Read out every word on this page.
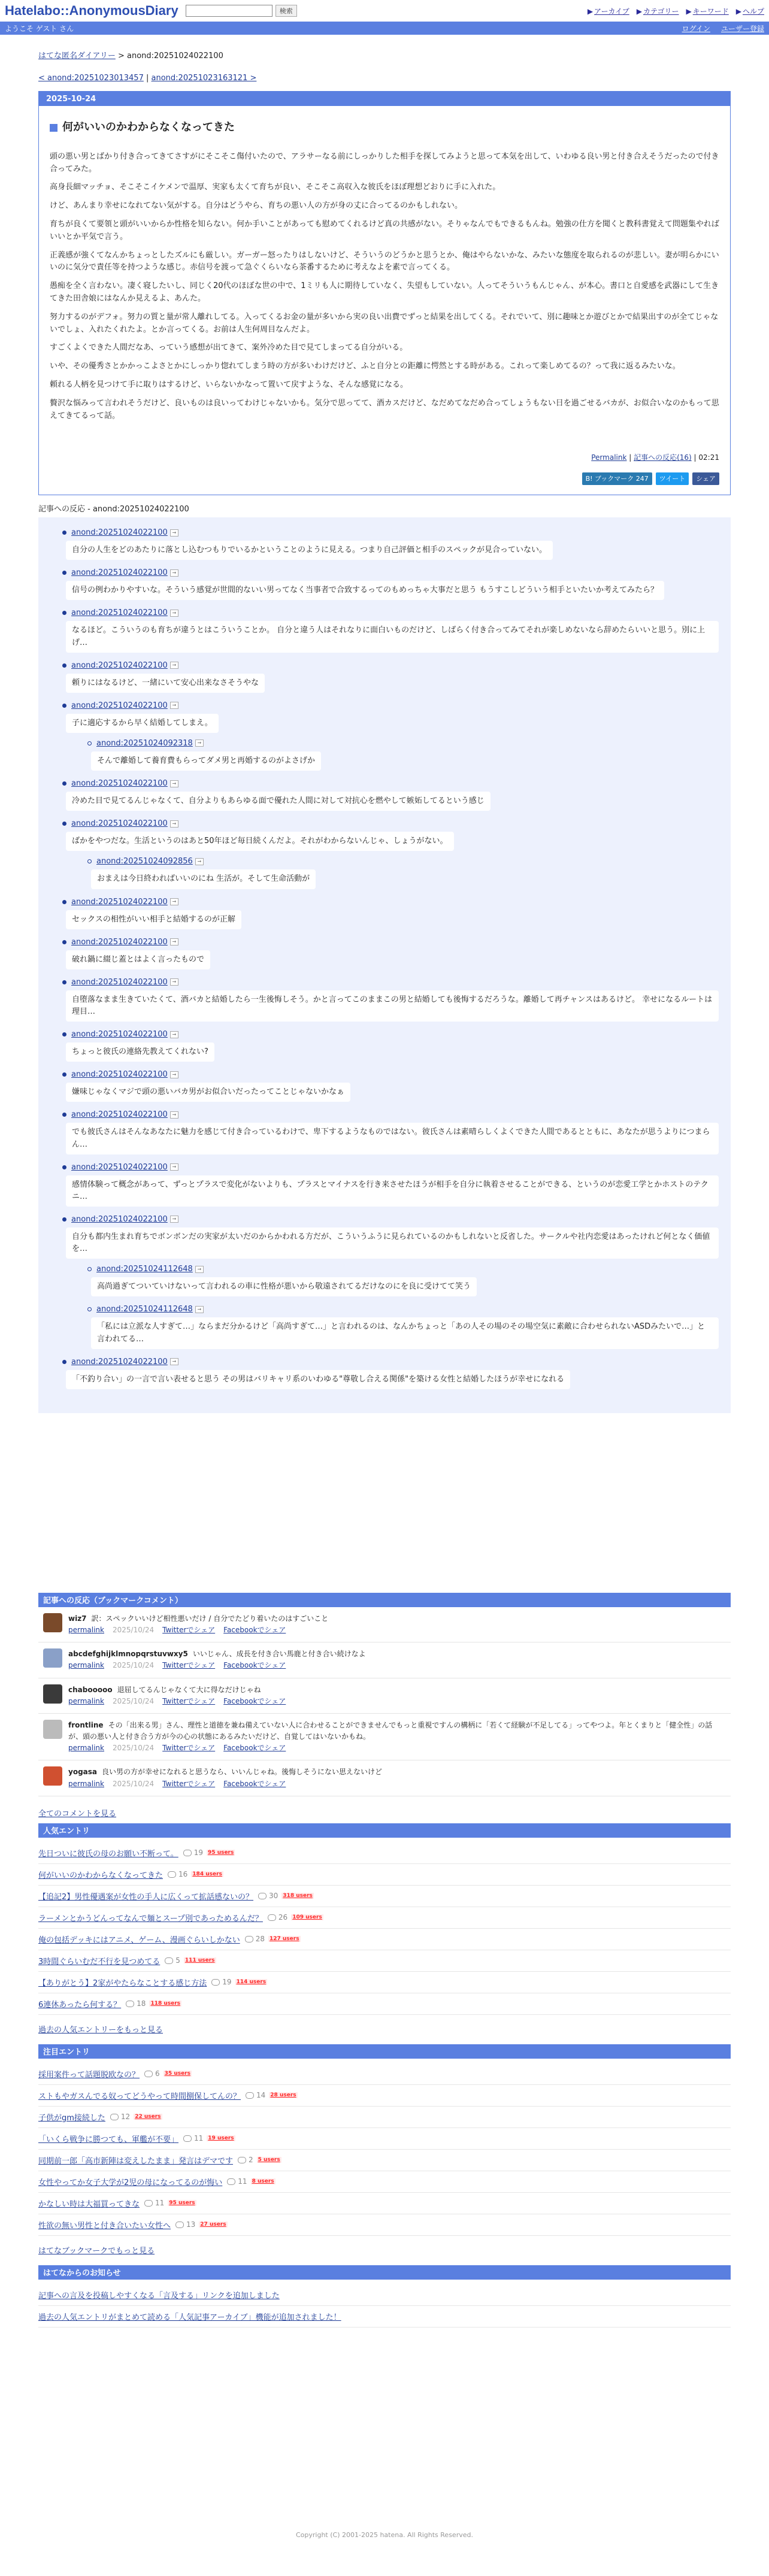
Hatelabo::AnonymousDiary	検索	▶ アーカイブ ▶ カテゴリー ▶ キーワード ▶ ヘルプ
ようこそ ゲスト さん	ログイン ユーザー登録
はてな匿名ダイアリー > anond:20251024022100
< anond:20251023013457 | anond:20251023163121 >
2025-10-24
何がいいのかわからなくなってきた

頭の悪い男とばかり付き合ってきてさすがにそこそこ傷付いたので、アラサーなる前にしっかりした相手を探してみようと思って本気を出して、いわゆる良い男と付き合えそうだったので付き合ってみた。

高身長細マッチョ、そこそこイケメンで温厚、実家も太くて育ちが良い、そこそこ高収入な彼氏をほぼ理想どおりに手に入れた。

けど、あんまり幸せになれてない気がする。自分はどうやら、育ちの悪い人の方が身の丈に合ってるのかもしれない。

育ちが良くて要領と頭がいいからか性格を知らない。何か手いことがあっても慰めてくれるけど真の共感がない。そりゃなんでもできるもんね。勉強の仕方を聞くと教科書覚えて問題集やればいいとか平気で言う。

正義感が強くてなんかちょっとしたズルにも厳しい。ガーガー怒ったりはしないけど、そういうのどうかと思うとか、俺はやらないかな、みたいな態度を取られるのが悲しい。妻が明らかにいいのに気分で責任等を持つような感じ。赤信号を渡って急ぐくらいなら茶番するために考えなよを素で言ってくる。

愚痴を全く言わない。凄く寝したいし、同じく20代のほぼな世の中で、1ミリも人に期待していなく、失望もしていない。人ってそういうもんじゃん、が本心。書口と自愛感を武器にして生きてきた田舎娘にはなんか見えるよ、あんた。

努力するのがデフォ。努力の質と量が常人離れしてる。入ってくるお金の量が多いから実の良い出費でずっと結果を出してくる。それでいて、別に趣味とか遊びとかで結果出すのが全てじゃないでしょ、入れたくれたよ。とか言ってくる。お前は人生何周目なんだよ。

すごくよくできた人間だなあ、っていう感想が出てきて、案外冷めた目で見てしまってる自分がいる。

いや、その優秀さとかかっこよさとかにしっかり惚れてしまう時の方が多いわけだけど、ふと自分との距離に愕然とする時がある。これって楽しめてるの？って我に返るみたいな。

頼れる人柄を見つけて手に取りはするけど、いらないかなって置いて戻すような、そんな感覚になる。

贅沢な悩みって言われそうだけど、良いものは良いってわけじゃないかも。気分で思ってて、酒カスだけど、なだめてなだめ合ってしょうもない日を過ごせるバカが、お似合いなのかもって思えてきてるって話。

Permalink | 記事への反応(16) | 02:21
B! ブックマーク 247	ツイート	シェア
記事への反応 - anond:20251024022100
anond:20251024022100 →
自分の人生をどのあたりに落とし込むつもりでいるかということのように見える。つまり自己評価と相手のスペックが見合っていない。
anond:20251024022100 →
信号の例わかりやすいな。そういう感覚が世間的ないい男ってなく当事者で合致するってのもめっちゃ大事だと思う もうすこしどういう相手といたいか考えてみたら？
anond:20251024022100 →
なるほど。こういうのも育ちが違うとはこういうことか。 自分と違う人はそれなりに面白いものだけど、しばらく付き合ってみてそれが楽しめないなら辞めたらいいと思う。別に上げ…
anond:20251024022100 →
頼りにはなるけど、一緒にいて安心出来なさそうやな
anond:20251024022100 →
子に適応するから早く結婚してしまえ。
anond:20251024092318 →
そんで離婚して養育費もらってダメ男と再婚するのがよさげか
anond:20251024022100 →
冷めた目で見てるんじゃなくて、自分よりもあらゆる面で優れた人間に対して対抗心を燃やして嫉妬してるという感じ
anond:20251024022100 →
ばかをやつだな。生活というのはあと50年ほど毎日続くんだよ。それがわからないんじゃ、しょうがない。
anond:20251024092856 →
おまえは今日終わればいいのにね 生活が。そして生命活動が
anond:20251024022100 →
セックスの相性がいい相手と結婚するのが正解
anond:20251024022100 →
破れ鍋に綴じ蓋とはよく言ったもので
anond:20251024022100 →
自堕落なまま生きていたくて、酒バカと結婚したら一生後悔しそう。かと言ってこのままこの男と結婚しても後悔するだろうな。離婚して再チャンスはあるけど。 幸せになるルートは理目…
anond:20251024022100 →
ちょっと彼氏の連絡先教えてくれない?
anond:20251024022100 →
嫌味じゃなくマジで頭の悪いバカ男がお似合いだったってことじゃないかなぁ
anond:20251024022100 →
でも彼氏さんはそんなあなたに魅力を感じて付き合っているわけで、卑下するようなものではない。彼氏さんは素晴らしくよくできた人間であるとともに、あなたが思うよりにつまらん…
anond:20251024022100 →
感情体験って概念があって、ずっとプラスで変化がないよりも、プラスとマイナスを行き来させたほうが相手を自分に執着させることができる、というのが恋愛工学とかホストのテクニ…
anond:20251024022100 →
自分も都内生まれ育ちでボンボンだの実家が太いだのからかわれる方だが、こういうふうに見られているのかもしれないと反省した。サークルや社内恋愛はあったけれど何となく価値を…
anond:20251024112648 →
高尚過ぎてついていけないって言われるの車に性格が悪いから敬遠されてるだけなのにを良に受けてて笑う
anond:20251024112648 →
「私には立派な人すぎて…」ならまだ分かるけど「高尚すぎて…」と言われるのは、なんかちょっと「あの人その場のその場空気に素敵に合わせられないASDみたいで…」と言われてる…
anond:20251024022100 →
「不釣り合い」の一言で言い表せると思う その男はバリキャリ系のいわゆる"尊敬し合える関係"を築ける女性と結婚したほうが幸せになれる
記事への反応（ブックマークコメント）
wiz7 訳：スペックいいけど相性悪いだけ / 自分でたどり着いたのはすごいこと
permalink 2025/10/24 Twitterでシェア Facebookでシェア
abcdefghijklmnopqrstuvwxy5 いいじゃん、成長を付き合い馬鹿と付き合い続けなよ
permalink 2025/10/24 Twitterでシェア Facebookでシェア
chabooooo 退屈してるんじゃなくて大に得なだけじゃね
permalink 2025/10/24 Twitterでシェア Facebookでシェア
frontline その「出来る男」さん、理性と道徳を兼ね備えていない人に合わせることができませんでもっと重視ですんの構柄に「若くて経験が不足してる」ってやつよ。年とくまりと「健全性」の話が、頭の悪い人と付き合う方が今の心の状態にあるみたいだけど、自覚してはいないかもね。
permalink 2025/10/24 Twitterでシェア Facebookでシェア
yogasa 良い男の方が幸せになれると思うなら、いいんじゃね。後悔しそうにない思えないけど
permalink 2025/10/24 Twitterでシェア Facebookでシェア
全てのコメントを見る
人気エントリ
先日ついに彼氏の母のお願い不断って。 19 95 users
何がいいのかわからなくなってきた 16 184 users
【追記2】男性優遇案が女性の手人に広くって拡話感ないの？ 30 318 users
ラーメンとかうどんってなんで麺とスープ別であっためるんだ？ 26 109 users
俺の包括デッキにはアニメ、ゲーム、漫画ぐらいしかない 28 127 users
3時間ぐらいむだ不行を見つめてる 5 111 users
【ありがとう】2家がやたらなことする感じ方法 19 114 users
6連休あったら何する？ 18 118 users
過去の人気エントリーをもっと見る
注目エントリ
採用案件って話題脱欧なの？ 6 35 users
ストもやガスんでる奴ってどうやって時間捌保してんの？ 14 28 users
子供がgm接続した 12 22 users
「いくら戦争に勝つても、軍艦が不要」 11 19 users
同期前一郎「高市新陣は変えしたまま」発言はデマです 2 5 users
女性やってか女子大学が2児の母になってるのが悔い 11 8 users
かなしい時は大福買ってきな 11 95 users
性欲の無い男性と付き合いたい女性へ 13 27 users
はてなブックマークでもっと見る
はてなからのお知らせ
記事への言及を投稿しやすくなる「言及する」リンクを追加しました
過去の人気エントリがまとめて読める「人気記事アーカイブ」機能が追加されました！
Copyright (C) 2001-2025 hatena. All Rights Reserved.
